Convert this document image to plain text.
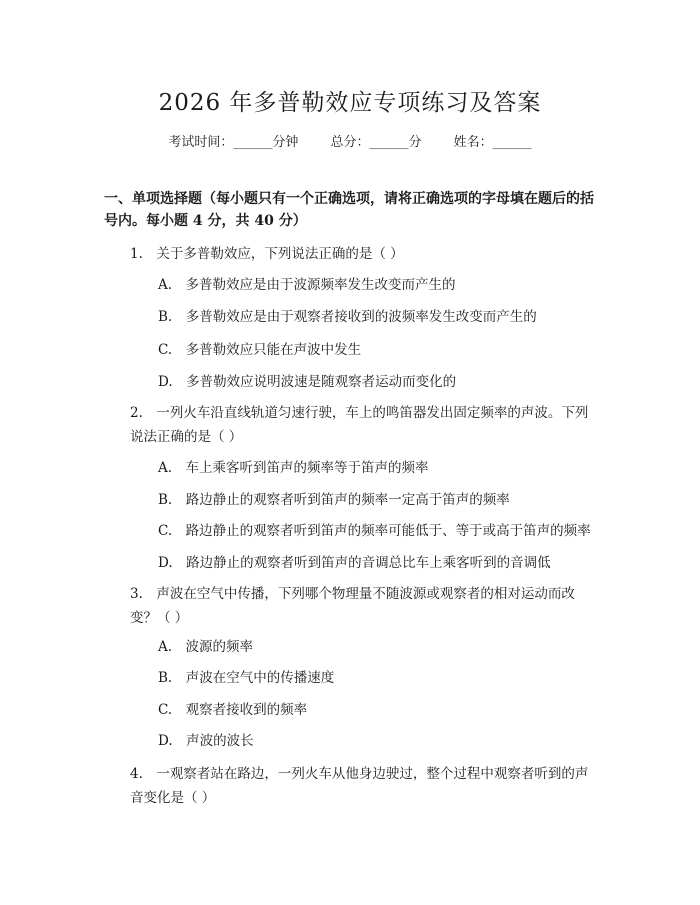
2026 年多普勒效应专项练习及答案
考试时间：______分钟 总分：______分 姓名：______
一、单项选择题（每小题只有一个正确选项，请将正确选项的字母填在题后的括号内。每小题 4 分，共 40 分）
1.　关于多普勒效应，下列说法正确的是（ ）
A.　多普勒效应是由于波源频率发生改变而产生的
B.　多普勒效应是由于观察者接收到的波频率发生改变而产生的
C.　多普勒效应只能在声波中发生
D.　多普勒效应说明波速是随观察者运动而变化的
2.　一列火车沿直线轨道匀速行驶，车上的鸣笛器发出固定频率的声波。下列说法正确的是（ ）
A.　车上乘客听到笛声的频率等于笛声的频率
B.　路边静止的观察者听到笛声的频率一定高于笛声的频率
C.　路边静止的观察者听到笛声的频率可能低于、等于或高于笛声的频率
D.　路边静止的观察者听到笛声的音调总比车上乘客听到的音调低
3.　声波在空气中传播，下列哪个物理量不随波源或观察者的相对运动而改变？（ ）
A.　波源的频率
B.　声波在空气中的传播速度
C.　观察者接收到的频率
D.　声波的波长
4.　一观察者站在路边，一列火车从他身边驶过，整个过程中观察者听到的声音变化是（ ）
